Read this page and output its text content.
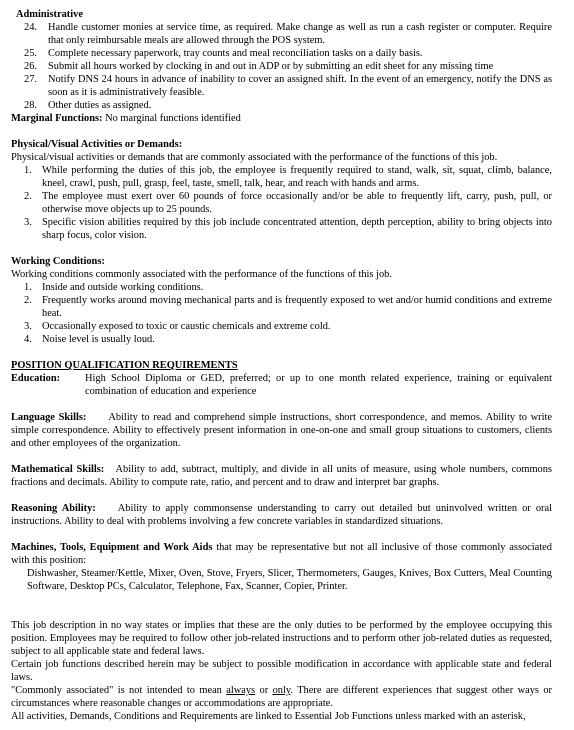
Administrative
24. Handle customer monies at service time, as required. Make change as well as run a cash register or computer. Require that only reimbursable meals are allowed through the POS system.
25. Complete necessary paperwork, tray counts and meal reconciliation tasks on a daily basis.
26. Submit all hours worked by clocking in and out in ADP or by submitting an edit sheet for any missing time
27. Notify DNS 24 hours in advance of inability to cover an assigned shift. In the event of an emergency, notify the DNS as soon as it is administratively feasible.
28. Other duties as assigned.
Marginal Functions: No marginal functions identified
Physical/Visual Activities or Demands:
Physical/visual activities or demands that are commonly associated with the performance of the functions of this job.
1. While performing the duties of this job, the employee is frequently required to stand, walk, sit, squat, climb, balance, kneel, crawl, push, pull, grasp, feel, taste, smell, talk, hear, and reach with hands and arms.
2. The employee must exert over 60 pounds of force occasionally and/or be able to frequently lift, carry, push, pull, or otherwise move objects up to 25 pounds.
3. Specific vision abilities required by this job include concentrated attention, depth perception, ability to bring objects into sharp focus, color vision.
Working Conditions:
Working conditions commonly associated with the performance of the functions of this job.
1. Inside and outside working conditions.
2. Frequently works around moving mechanical parts and is frequently exposed to wet and/or humid conditions and extreme heat.
3. Occasionally exposed to toxic or caustic chemicals and extreme cold.
4. Noise level is usually loud.
POSITION QUALIFICATION REQUIREMENTS
Education: High School Diploma or GED, preferred; or up to one month related experience, training or equivalent combination of education and experience
Language Skills: Ability to read and comprehend simple instructions, short correspondence, and memos. Ability to write simple correspondence. Ability to effectively present information in one-on-one and small group situations to customers, clients and other employees of the organization.
Mathematical Skills: Ability to add, subtract, multiply, and divide in all units of measure, using whole numbers, commons fractions and decimals. Ability to compute rate, ratio, and percent and to draw and interpret bar graphs.
Reasoning Ability: Ability to apply commonsense understanding to carry out detailed but uninvolved written or oral instructions. Ability to deal with problems involving a few concrete variables in standardized situations.
Machines, Tools, Equipment and Work Aids that may be representative but not all inclusive of those commonly associated with this position:
Dishwasher, Steamer/Kettle, Mixer, Oven, Stove, Fryers, Slicer, Thermometers, Gauges, Knives, Box Cutters, Meal Counting Software, Desktop PCs, Calculator, Telephone, Fax, Scanner, Copier, Printer.
This job description in no way states or implies that these are the only duties to be performed by the employee occupying this position. Employees may be required to follow other job-related instructions and to perform other job-related duties as requested, subject to all applicable state and federal laws.
Certain job functions described herein may be subject to possible modification in accordance with applicable state and federal laws.
"Commonly associated" is not intended to mean always or only. There are different experiences that suggest other ways or circumstances where reasonable changes or accommodations are appropriate.
All activities, Demands, Conditions and Requirements are linked to Essential Job Functions unless marked with an asterisk,
